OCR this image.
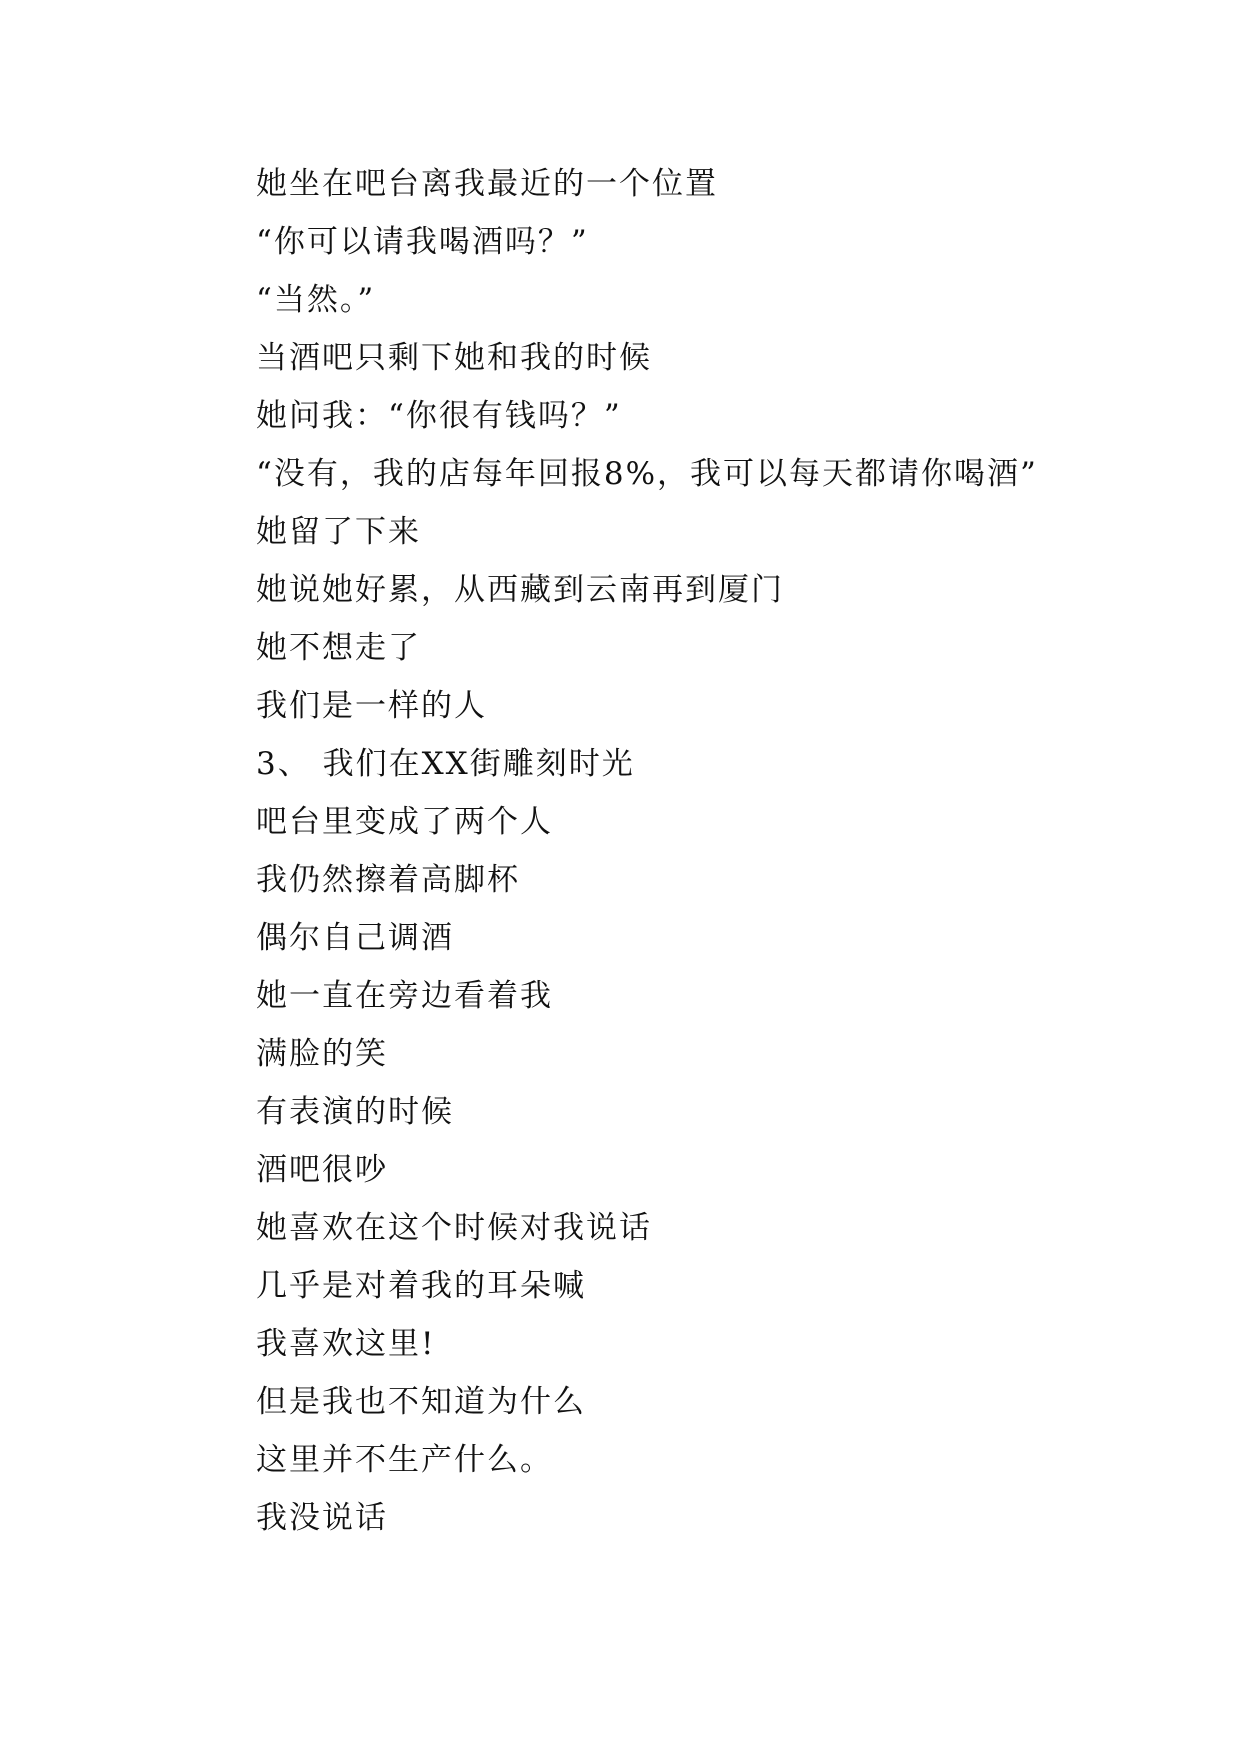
她坐在吧台离我最近的一个位置
“你可以请我喝酒吗？”
“当然。”
当酒吧只剩下她和我的时候
她问我：“你很有钱吗？”
“没有，我的店每年回报8%，我可以每天都请你喝酒”
她留了下来
她说她好累，从西藏到云南再到厦门
她不想走了
我们是一样的人
3、 我们在XX街雕刻时光
吧台里变成了两个人
我仍然擦着高脚杯
偶尔自己调酒
她一直在旁边看着我
满脸的笑
有表演的时候
酒吧很吵
她喜欢在这个时候对我说话
几乎是对着我的耳朵喊
我喜欢这里!
但是我也不知道为什么
这里并不生产什么。
我没说话
